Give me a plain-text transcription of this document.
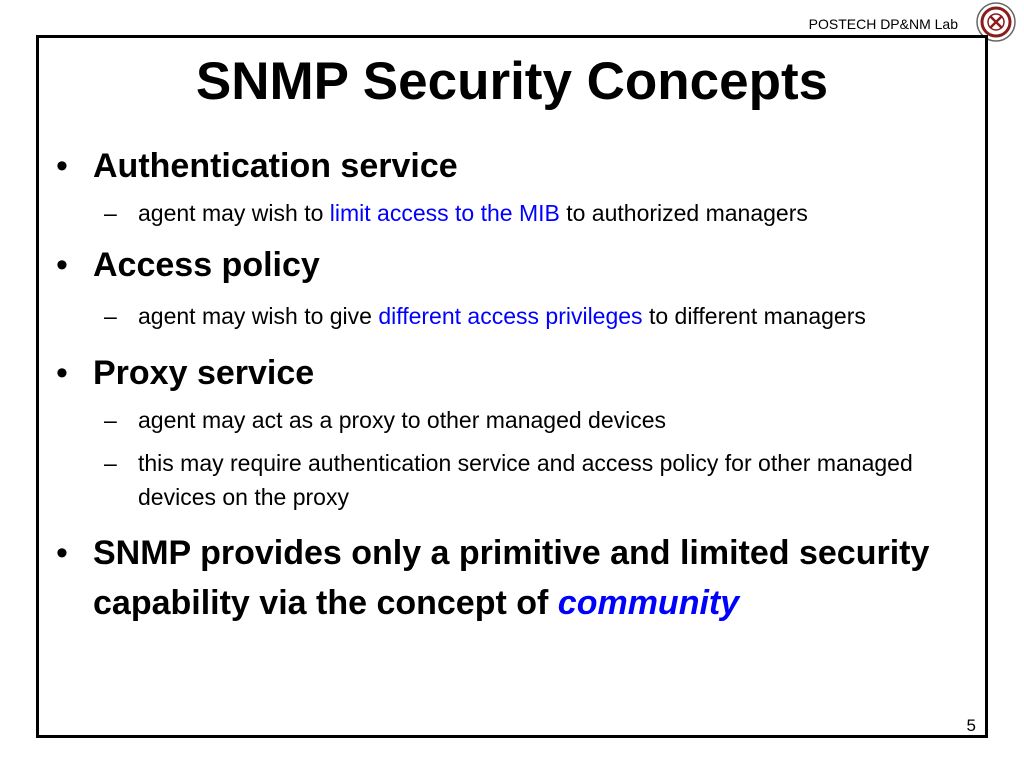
POSTECH DP&NM Lab
SNMP Security Concepts
• Authentication service
– agent may wish to limit access to the MIB to authorized managers
• Access policy
– agent may wish to give different access privileges to different managers
• Proxy service
– agent may act as a proxy to other managed devices
– this may require authentication service and access policy for other managed devices on the proxy
• SNMP provides only a primitive and limited security capability via the concept of community
5
